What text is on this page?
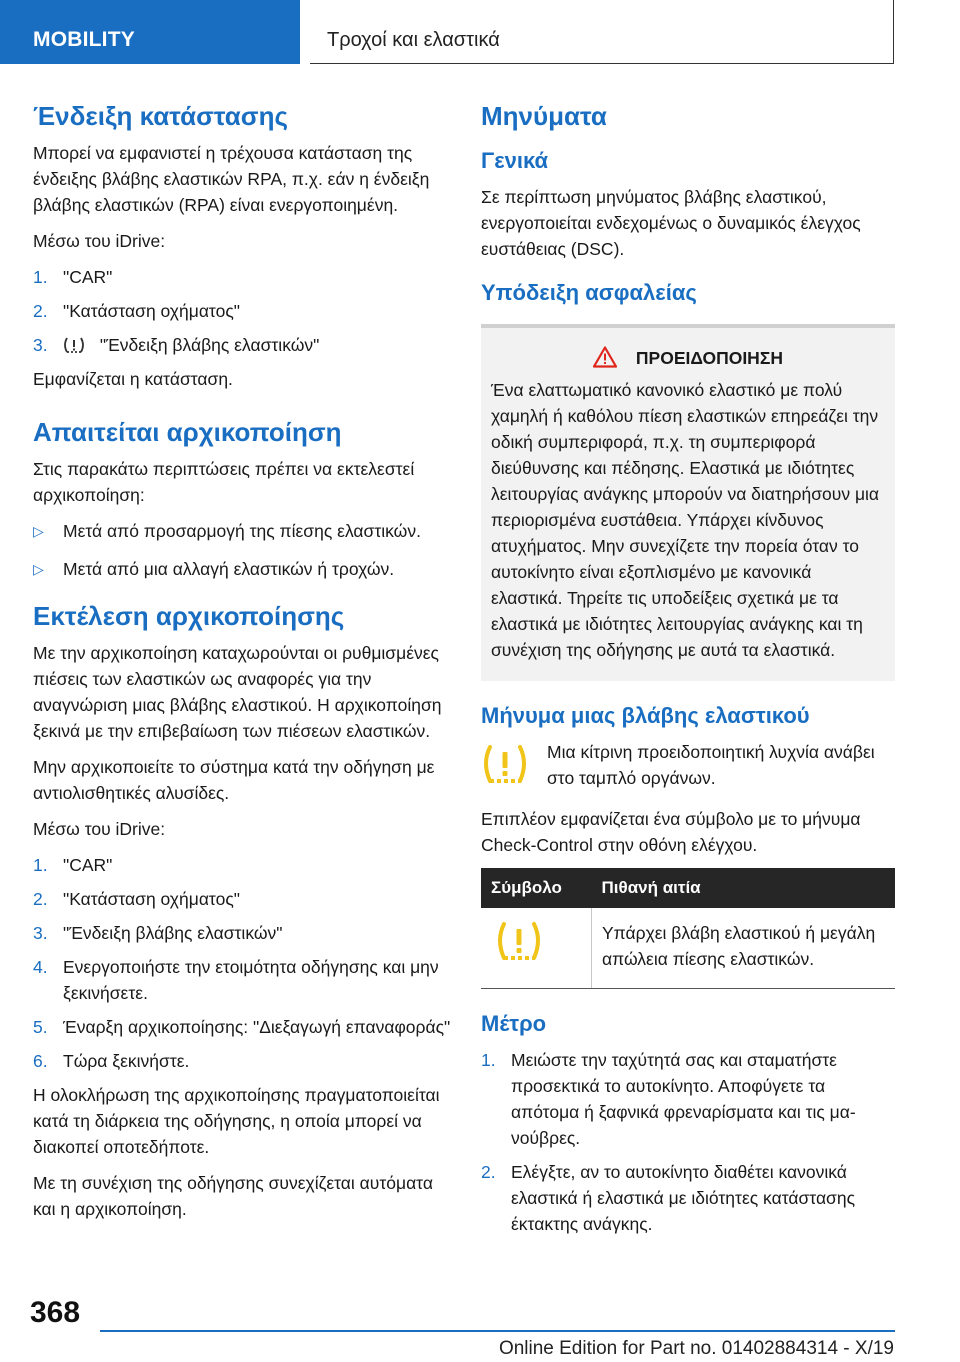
MOBILITY	Τροχοί και ελαστικά
Ένδειξη κατάστασης
Μπορεί να εμφανιστεί η τρέχουσα κατάσταση της ένδειξης βλάβης ελαστικών RPA, π.χ. εάν η ένδειξη βλάβης ελαστικών (RPA) είναι ενεργοποιημένη.
Μέσω του iDrive:
1. "CAR"
2. "Κατάσταση οχήματος"
3.	"Ένδειξη βλάβης ελαστικών"
Εμφανίζεται η κατάσταση.
Απαιτείται αρχικοποίηση
Στις παρακάτω περιπτώσεις πρέπει να εκτελεστεί αρχικοποίηση:
▷ Μετά από προσαρμογή της πίεσης ελαστικών.
▷ Μετά από μια αλλαγή ελαστικών ή τροχών.
Εκτέλεση αρχικοποίησης
Με την αρχικοποίηση καταχωρούνται οι ρυθμισμένες πιέσεις των ελαστικών ως αναφορές για την αναγνώριση μιας βλάβης ελαστικού. Η αρχικοποίηση ξεκινά με την επιβεβαίωση των πιέσεων ελαστικών.
Μην αρχικοποιείτε το σύστημα κατά την οδήγηση με αντιολισθητικές αλυσίδες.
Μέσω του iDrive:
1. "CAR"
2. "Κατάσταση οχήματος"
3. "Ένδειξη βλάβης ελαστικών"
4. Ενεργοποιήστε την ετοιμότητα οδήγησης και μην ξεκινήσετε.
5. Έναρξη αρχικοποίησης: "Διεξαγωγή επαναφοράς"
6. Τώρα ξεκινήστε.
Η ολοκλήρωση της αρχικοποίησης πραγματοποιείται κατά τη διάρκεια της οδήγησης, η οποία μπορεί να διακοπεί οποτεδήποτε.
Με τη συνέχιση της οδήγησης συνεχίζεται αυτόματα και η αρχικοποίηση.
Μηνύματα
Γενικά
Σε περίπτωση μηνύματος βλάβης ελαστικού, ενεργοποιείται ενδεχομένως ο δυναμικός έλεγχος ευστάθειας (DSC).
Υπόδειξη ασφαλείας
ΠΡΟΕΙΔΟΠΟΙΗΣΗ
Ένα ελαττωματικό κανονικό ελαστικό με πολύ χαμηλή ή καθόλου πίεση ελαστικών επηρεάζει την οδική συμπεριφορά, π.χ. τη συμπεριφορά διεύθυνσης και πέδησης. Ελαστικά με ιδιότητες λειτουργίας ανάγκης μπορούν να διατηρήσουν μια περιορισμένα ευστάθεια. Υπάρχει κίνδυνος ατυχήματος. Μην συνεχίζετε την πορεία όταν το αυτοκίνητο είναι εξοπλισμένο με κανονικά ελαστικά. Τηρείτε τις υποδείξεις σχετικά με τα ελαστικά με ιδιότητες λειτουργίας ανάγκης και τη συνέχιση της οδήγησης με αυτά τα ελαστικά.
Μήνυμα μιας βλάβης ελαστικού
Μια κίτρινη προειδοποιητική λυχνία ανάβει στο ταμπλό οργάνων.
Επιπλέον εμφανίζεται ένα σύμβολο με το μήνυμα Check-Control στην οθόνη ελέγχου.
Σύμβολο	Πιθανή αιτία
	Υπάρχει βλάβη ελαστικού ή μεγάλη απώλεια πίεσης ελαστικών.
Μέτρο
1. Μειώστε την ταχύτητά σας και σταματήστε προσεκτικά το αυτοκίνητο. Αποφύγετε τα απότομα ή ξαφνικά φρεναρίσματα και τις μανούβρες.
2. Ελέγξτε, αν το αυτοκίνητο διαθέτει κανονικά ελαστικά ή ελαστικά με ιδιότητες κατάστασης έκτακτης ανάγκης.
368
Online Edition for Part no. 01402884314 - X/19
